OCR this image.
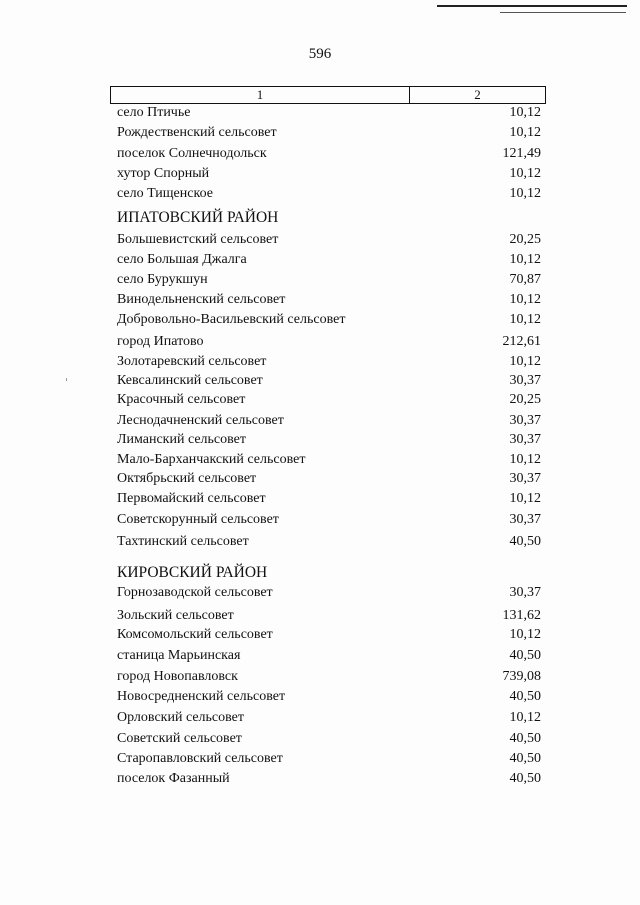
596
1	2
село Птичье	10,12
Рождественский сельсовет	10,12
поселок Солнечнодольск	121,49
хутор Спорный	10,12
село Тищенское	10,12
ИПАТОВСКИЙ РАЙОН
Большевистский сельсовет	20,25
село Большая Джалга	10,12
село Бурукшун	70,87
Винодельненский сельсовет	10,12
Добровольно-Васильевский сельсовет	10,12
город Ипатово	212,61
Золотаревский сельсовет	10,12
Кевсалинский сельсовет	30,37
Красочный сельсовет	20,25
Леснодачненский сельсовет	30,37
Лиманский сельсовет	30,37
Мало-Барханчакский сельсовет	10,12
Октябрьский сельсовет	30,37
Первомайский сельсовет	10,12
Советскорунный сельсовет	30,37
Тахтинский сельсовет	40,50
КИРОВСКИЙ РАЙОН
Горнозаводской сельсовет	30,37
Зольский сельсовет	131,62
Комсомольский сельсовет	10,12
станица Марьинская	40,50
город Новопавловск	739,08
Новосредненский сельсовет	40,50
Орловский сельсовет	10,12
Советский сельсовет	40,50
Старопавловский сельсовет	40,50
поселок Фазанный	40,50
